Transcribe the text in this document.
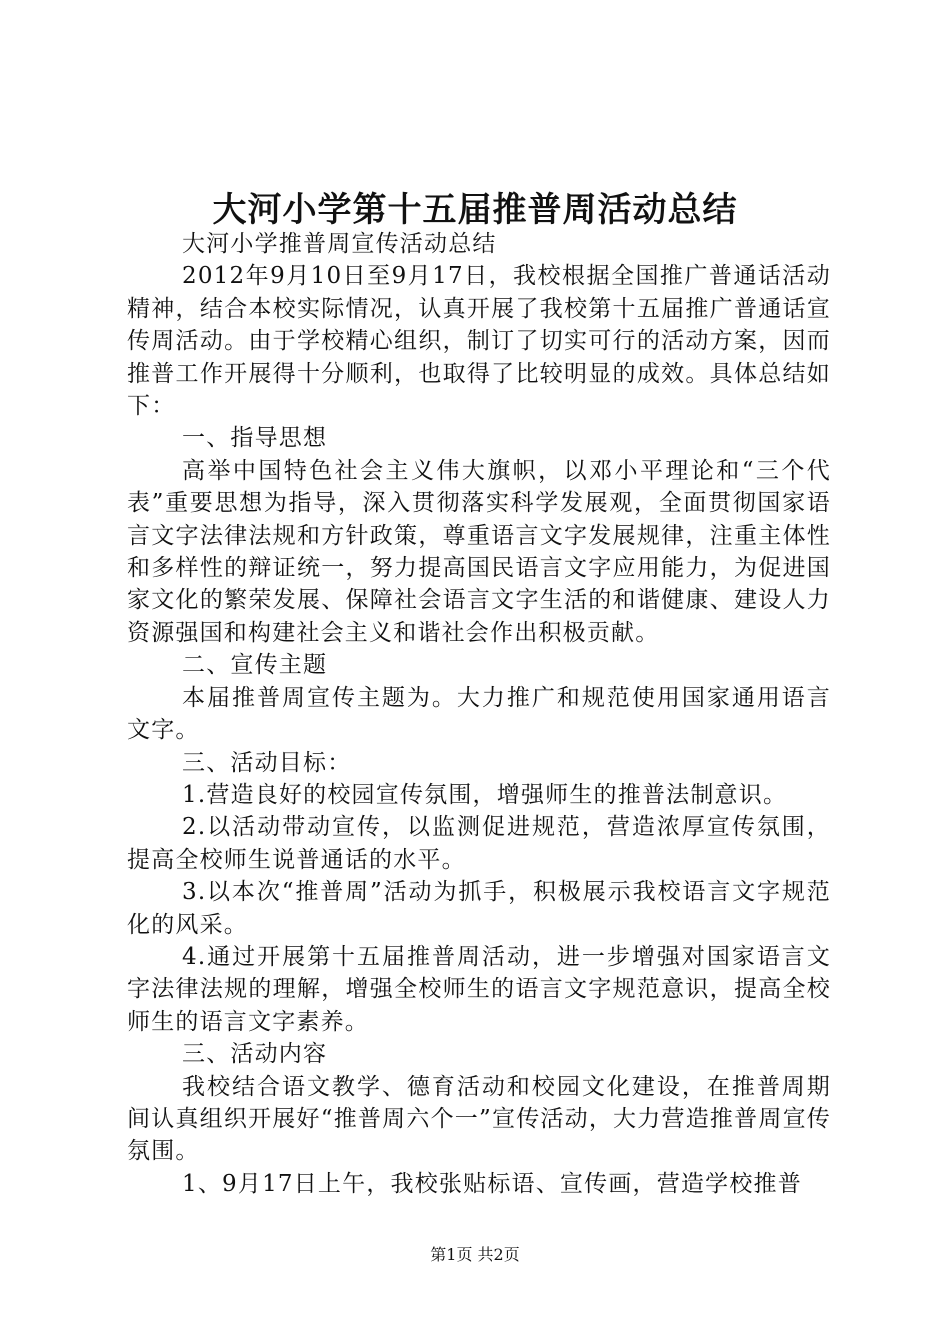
大河小学第十五届推普周活动总结

大河小学推普周宣传活动总结

2012年9月10日至9月17日，我校根据全国推广普通话活动精神，结合本校实际情况，认真开展了我校第十五届推广普通话宣传周活动。由于学校精心组织，制订了切实可行的活动方案，因而推普工作开展得十分顺利，也取得了比较明显的成效。具体总结如下：

一、指导思想

高举中国特色社会主义伟大旗帜，以邓小平理论和“三个代表”重要思想为指导，深入贯彻落实科学发展观，全面贯彻国家语言文字法律法规和方针政策，尊重语言文字发展规律，注重主体性和多样性的辩证统一，努力提高国民语言文字应用能力，为促进国家文化的繁荣发展、保障社会语言文字生活的和谐健康、建设人力资源强国和构建社会主义和谐社会作出积极贡献。

二、宣传主题

本届推普周宣传主题为。大力推广和规范使用国家通用语言文字。

三、活动目标：

1.营造良好的校园宣传氛围，增强师生的推普法制意识。

2.以活动带动宣传，以监测促进规范，营造浓厚宣传氛围，提高全校师生说普通话的水平。

3.以本次“推普周”活动为抓手，积极展示我校语言文字规范化的风采。

4.通过开展第十五届推普周活动，进一步增强对国家语言文字法律法规的理解，增强全校师生的语言文字规范意识，提高全校师生的语言文字素养。

三、活动内容

我校结合语文教学、德育活动和校园文化建设，在推普周期间认真组织开展好“推普周六个一”宣传活动，大力营造推普周宣传氛围。

1、9月17日上午，我校张贴标语、宣传画，营造学校推普

第1页 共2页
